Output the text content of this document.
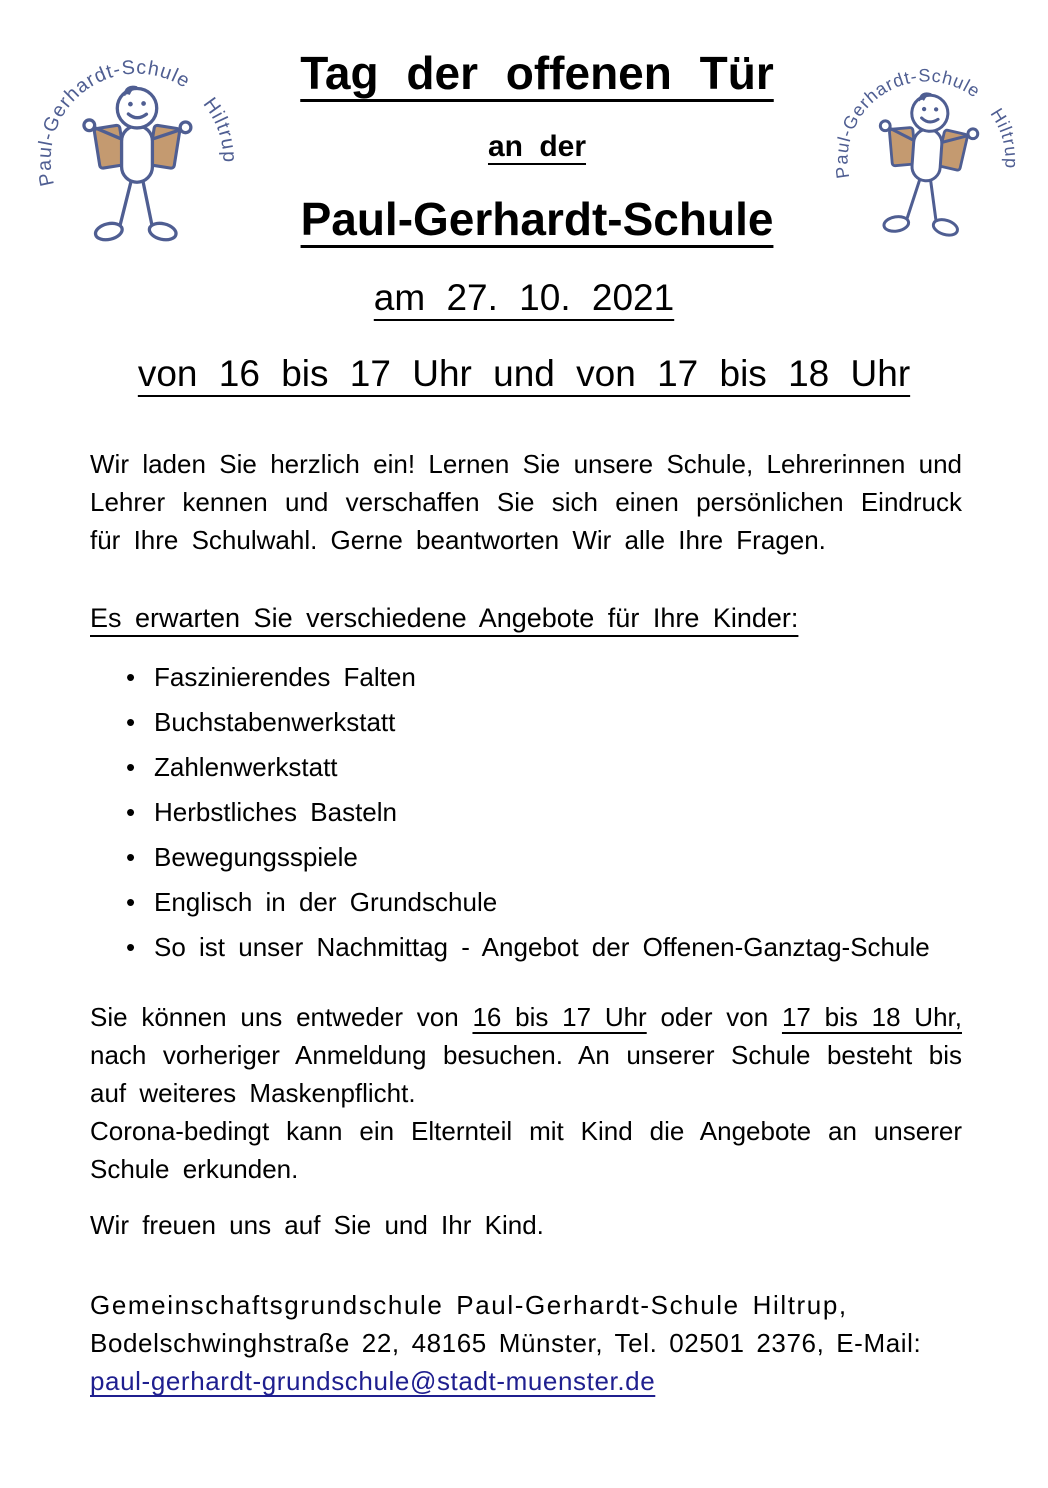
Paul-Gerhardt-SchuleHiltrup
Tag der offenen Tür
an der
Paul-Gerhardt-Schule
am 27. 10. 2021
von 16 bis 17 Uhr und von 17 bis 18 Uhr

Wir laden Sie herzlich ein! Lernen Sie unsere Schule, Lehrerinnen und Lehrer kennen und verschaffen Sie sich einen persönlichen Eindruck für Ihre Schulwahl. Gerne beantworten Wir alle Ihre Fragen.

Es erwarten Sie verschiedene Angebote für Ihre Kinder:
• Faszinierendes Falten
• Buchstabenwerkstatt
• Zahlenwerkstatt
• Herbstliches Basteln
• Bewegungsspiele
• Englisch in der Grundschule
• So ist unser Nachmittag - Angebot der Offenen-Ganztag-Schule

Sie können uns entweder von 16 bis 17 Uhr oder von 17 bis 18 Uhr, nach vorheriger Anmeldung besuchen. An unserer Schule besteht bis auf weiteres Maskenpflicht.
Corona-bedingt kann ein Elternteil mit Kind die Angebote an unserer Schule erkunden.

Wir freuen uns auf Sie und Ihr Kind.

Gemeinschaftsgrundschule Paul-Gerhardt-Schule Hiltrup,
Bodelschwinghstraße 22, 48165 Münster, Tel. 02501 2376, E-Mail:
paul-gerhardt-grundschule@stadt-muenster.de
